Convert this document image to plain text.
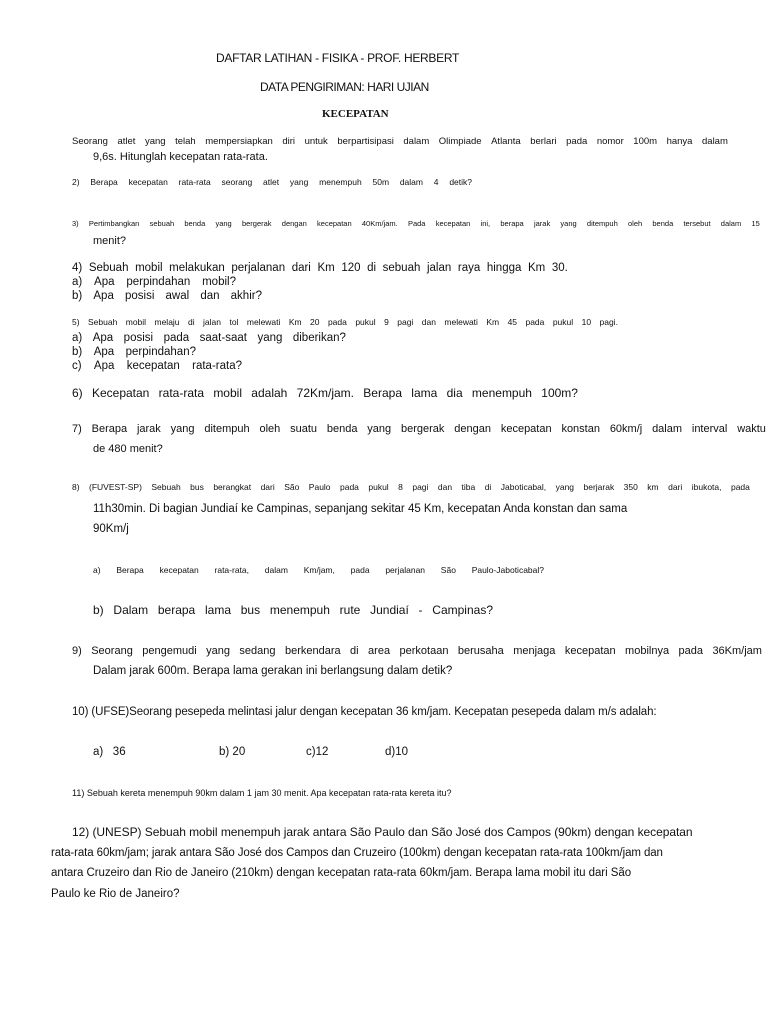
DAFTAR LATIHAN - FISIKA - PROF. HERBERT
DATA PENGIRIMAN: HARI UJIAN
KECEPATAN
Seorang atlet yang telah mempersiapkan diri untuk berpartisipasi dalam Olimpiade Atlanta berlari pada nomor 100m hanya dalam
9,6s. Hitunglah kecepatan rata-rata.
2) Berapa kecepatan rata-rata seorang atlet yang menempuh 50m dalam 4 detik?
3) Pertimbangkan sebuah benda yang bergerak dengan kecepatan 40Km/jam. Pada kecepatan ini, berapa jarak yang ditempuh oleh benda tersebut dalam 15
menit?
4) Sebuah mobil melakukan perjalanan dari Km 120 di sebuah jalan raya hingga Km 30.
a) Apa perpindahan mobil?
b) Apa posisi awal dan akhir?
5) Sebuah mobil melaju di jalan tol melewati Km 20 pada pukul 9 pagi dan melewati Km 45 pada pukul 10 pagi.
a) Apa posisi pada saat-saat yang diberikan?
b) Apa perpindahan?
c) Apa kecepatan rata-rata?
6) Kecepatan rata-rata mobil adalah 72Km/jam. Berapa lama dia menempuh 100m?
7) Berapa jarak yang ditempuh oleh suatu benda yang bergerak dengan kecepatan konstan 60km/j dalam interval waktu
de 480 menit?
8) (FUVEST-SP) Sebuah bus berangkat dari São Paulo pada pukul 8 pagi dan tiba di Jaboticabal, yang berjarak 350 km dari ibukota, pada
11h30min. Di bagian Jundiaí ke Campinas, sepanjang sekitar 45 Km, kecepatan Anda konstan dan sama
90Km/j
a) Berapa kecepatan rata-rata, dalam Km/jam, pada perjalanan São Paulo-Jaboticabal?
b) Dalam berapa lama bus menempuh rute Jundiaí - Campinas?
9) Seorang pengemudi yang sedang berkendara di area perkotaan berusaha menjaga kecepatan mobilnya pada 36Km/jam
Dalam jarak 600m. Berapa lama gerakan ini berlangsung dalam detik?
10) (UFSE)Seorang pesepeda melintasi jalur dengan kecepatan 36 km/jam. Kecepatan pesepeda dalam m/s adalah:
a)   36	b) 20	c)12	d)10
11) Sebuah kereta menempuh 90km dalam 1 jam 30 menit. Apa kecepatan rata-rata kereta itu?
12) (UNESP) Sebuah mobil menempuh jarak antara São Paulo dan São José dos Campos (90km) dengan kecepatan
rata-rata 60km/jam; jarak antara São José dos Campos dan Cruzeiro (100km) dengan kecepatan rata-rata 100km/jam dan
antara Cruzeiro dan Rio de Janeiro (210km) dengan kecepatan rata-rata 60km/jam. Berapa lama mobil itu dari São
Paulo ke Rio de Janeiro?
